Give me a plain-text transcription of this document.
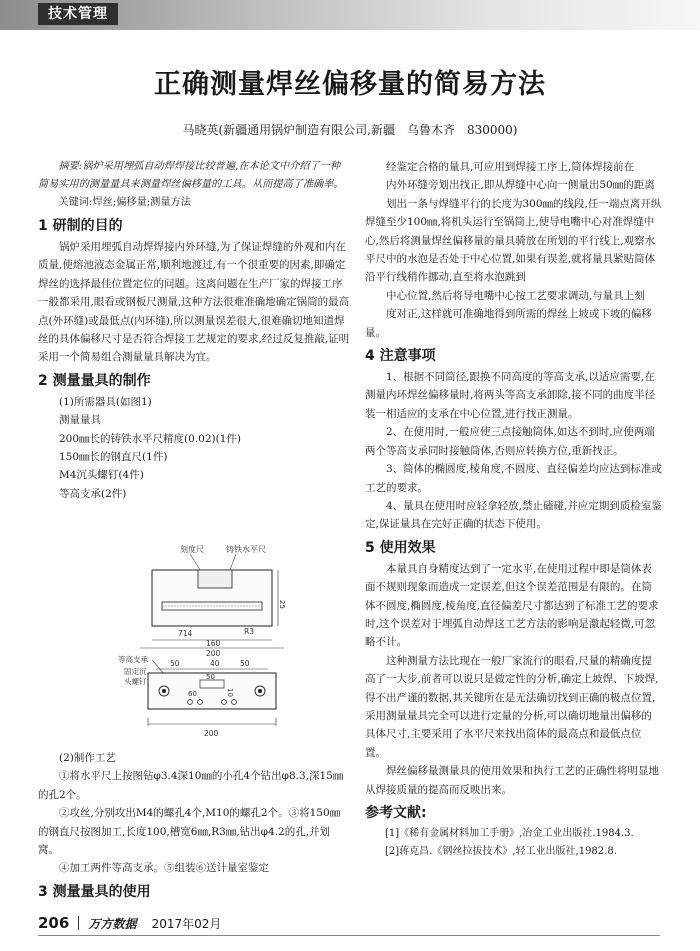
技术管理
正确测量焊丝偏移量的简易方法
马晓英(新疆通用锅炉制造有限公司,新疆　乌鲁木齐　830000)

摘要:锅炉采用埋弧自动焊焊接比较普遍,在本论文中介绍了一种简易实用的测量量具来测量焊丝偏移量的工具。从而提高了准确率。

关键词:焊丝;偏移量;测量方法

1 研制的目的

锅炉采用埋弧自动焊焊接内外环缝,为了保证焊缝的外观和内在质量,使熔池液态金属正常,顺利地渡过,有一个很重要的因素,即确定焊丝的选择最佳位置定位的问题。这离问题在生产厂家的焊接工序一般都采用,眼看或钢板尺测量,这种方法很难准确地确定锅筒的最高点(外环缝)或最低点(内环缝),所以测量误差很大,很难确切地知道焊丝的具体偏移尺寸是否符合焊接工艺规定的要求,经过反复推敲,证明采用一个简易组合测量量具解决为宜。

2 测量量具的制作

(1)所需器具(如图1)

测量量具

200㎜长的铸铁水平尺精度(0.02)(1件)

150㎜长的钢直尺(1件)

M4沉头螺钉(4件)

等高支承(2件)

刻度尺	铸铁水平尺
25
714	R3
160
200
等高支承
固定沉
头螺钉
50	40	50
50
10
60
200

(2)制作工艺

①将水平尺上按图钻φ3.4深10㎜的小孔4个钻出φ8.3,深15㎜的孔2个。

②攻丝,分别攻出M4的螺孔4个,M10的螺孔2个。③将150㎜的钢直尺按图加工,长度100,槽宽6㎜,R3㎜,钻出φ4.2的孔,并划窝。

④加工两件等高支承。⑤组装⑥送计量室鉴定

3 测量量具的使用

经鉴定合格的量具,可应用到焊接工序上,筒体焊接前在

内外环缝旁划出找正,即从焊缝中心向一侧量出50㎜的距离

划出一条与焊缝平行的长度为300㎜的线段,任一端点离开纵焊缝至少100㎜,将机头运行至锅筒上,使导电嘴中心对准焊缝中心,然后将测量焊丝偏移量的量具骑放在所划的平行线上,观察水平尺中的水泡是否处于中心位置,如果有误差,就将量具紧贴筒体沿平行线稍作挪动,直至将水泡跳到

中心位置,然后将导电嘴中心按工艺要求调动,与量具上刻

度对正,这样就可准确地得到所需的焊丝上坡或下坡的偏移量。

4 注意事项

1、根据不同筒径,跟换不同高度的等高支承,以适应需要,在测量内环焊丝偏移量时,将两头等高支承卸除,接不同的曲度半径装一相适应的支承在中心位置,进行找正测量。

2、在使用时,一般应使三点接触筒体,如达不到时,应使两端两个等高支承同时接触筒体,否则应转换方位,重新找正。

3、筒体的椭圆度,棱角度,不圆度、直径偏差均应达到标准或工艺的要求。

4、量具在使用时应轻拿轻放,禁止磕碰,并应定期到质检室鉴定,保证量具在完好正确的状态下使用。

5 使用效果

本量具自身精度达到了一定水平,在使用过程中即是筒体表面不规则现象而造成一定误差,但这个误差范围是有限的。在筒体不圆度,椭圆度,棱角度,直径偏差尺寸都达到了标准工艺的要求时,这个误差对于埋弧自动焊这工艺方法的影响是激起轻微,可忽略不计。

这种测量方法比现在一般厂家流行的眼看,尺量的精确度提高了一大步,前者可以说只是做定性的分析,确定上坡焊、下坡焊,得不出严谨的数据,其关键所在是无法确切找到正确的极点位置,采用测量量具完全可以进行定量的分析,可以确切地量出偏移的具体尺寸,主要采用了水平尺来找出筒体的最高点和最低点位置。

焊丝偏移量测量具的使用效果和执行工艺的正确性将明显地从焊接质量的提高而反映出来。

参考文献:

[1]《稀有金属材料加工手册》,冶金工业出版社.1984.3.

[2]蒋克昌.《钢丝拉拔技术》,轻工业出版社,1982.8.

206 万方数据 2017年02月
